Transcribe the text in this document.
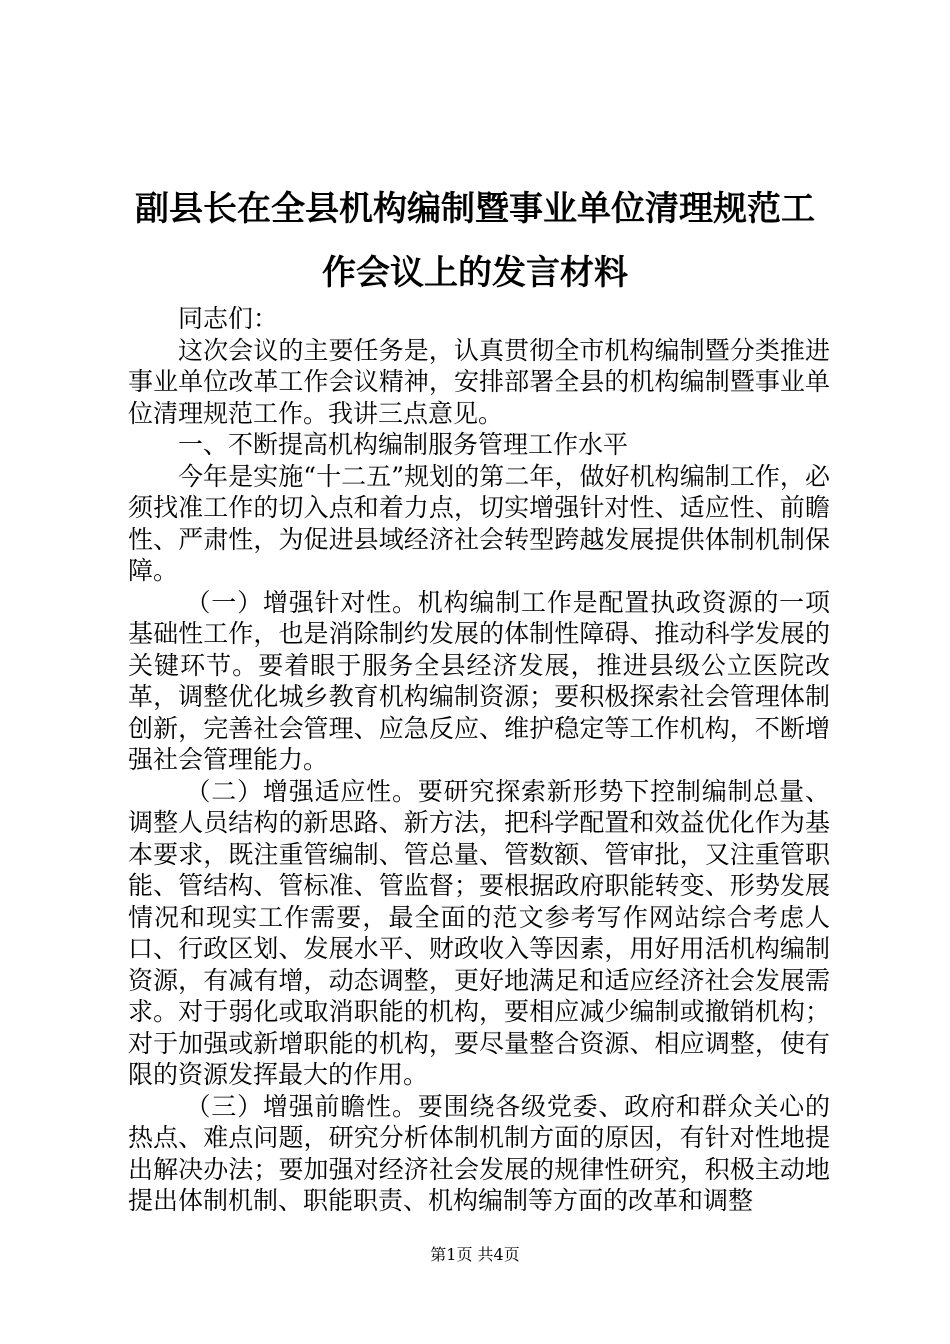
副县长在全县机构编制暨事业单位清理规范工
作会议上的发言材料

同志们：

这次会议的主要任务是，认真贯彻全市机构编制暨分类推进事业单位改革工作会议精神，安排部署全县的机构编制暨事业单位清理规范工作。我讲三点意见。

一、不断提高机构编制服务管理工作水平

今年是实施“十二五”规划的第二年，做好机构编制工作，必须找准工作的切入点和着力点，切实增强针对性、适应性、前瞻性、严肃性，为促进县域经济社会转型跨越发展提供体制机制保障。

（一）增强针对性。机构编制工作是配置执政资源的一项基础性工作，也是消除制约发展的体制性障碍、推动科学发展的关键环节。要着眼于服务全县经济发展，推进县级公立医院改革，调整优化城乡教育机构编制资源；要积极探索社会管理体制创新，完善社会管理、应急反应、维护稳定等工作机构，不断增强社会管理能力。

（二）增强适应性。要研究探索新形势下控制编制总量、调整人员结构的新思路、新方法，把科学配置和效益优化作为基本要求，既注重管编制、管总量、管数额、管审批，又注重管职能、管结构、管标准、管监督；要根据政府职能转变、形势发展情况和现实工作需要，最全面的范文参考写作网站综合考虑人口、行政区划、发展水平、财政收入等因素，用好用活机构编制资源，有减有增，动态调整，更好地满足和适应经济社会发展需求。对于弱化或取消职能的机构，要相应减少编制或撤销机构；对于加强或新增职能的机构，要尽量整合资源、相应调整，使有限的资源发挥最大的作用。

（三）增强前瞻性。要围绕各级党委、政府和群众关心的热点、难点问题，研究分析体制机制方面的原因，有针对性地提出解决办法；要加强对经济社会发展的规律性研究，积极主动地提出体制机制、职能职责、机构编制等方面的改革和调整

第1页 共4页
